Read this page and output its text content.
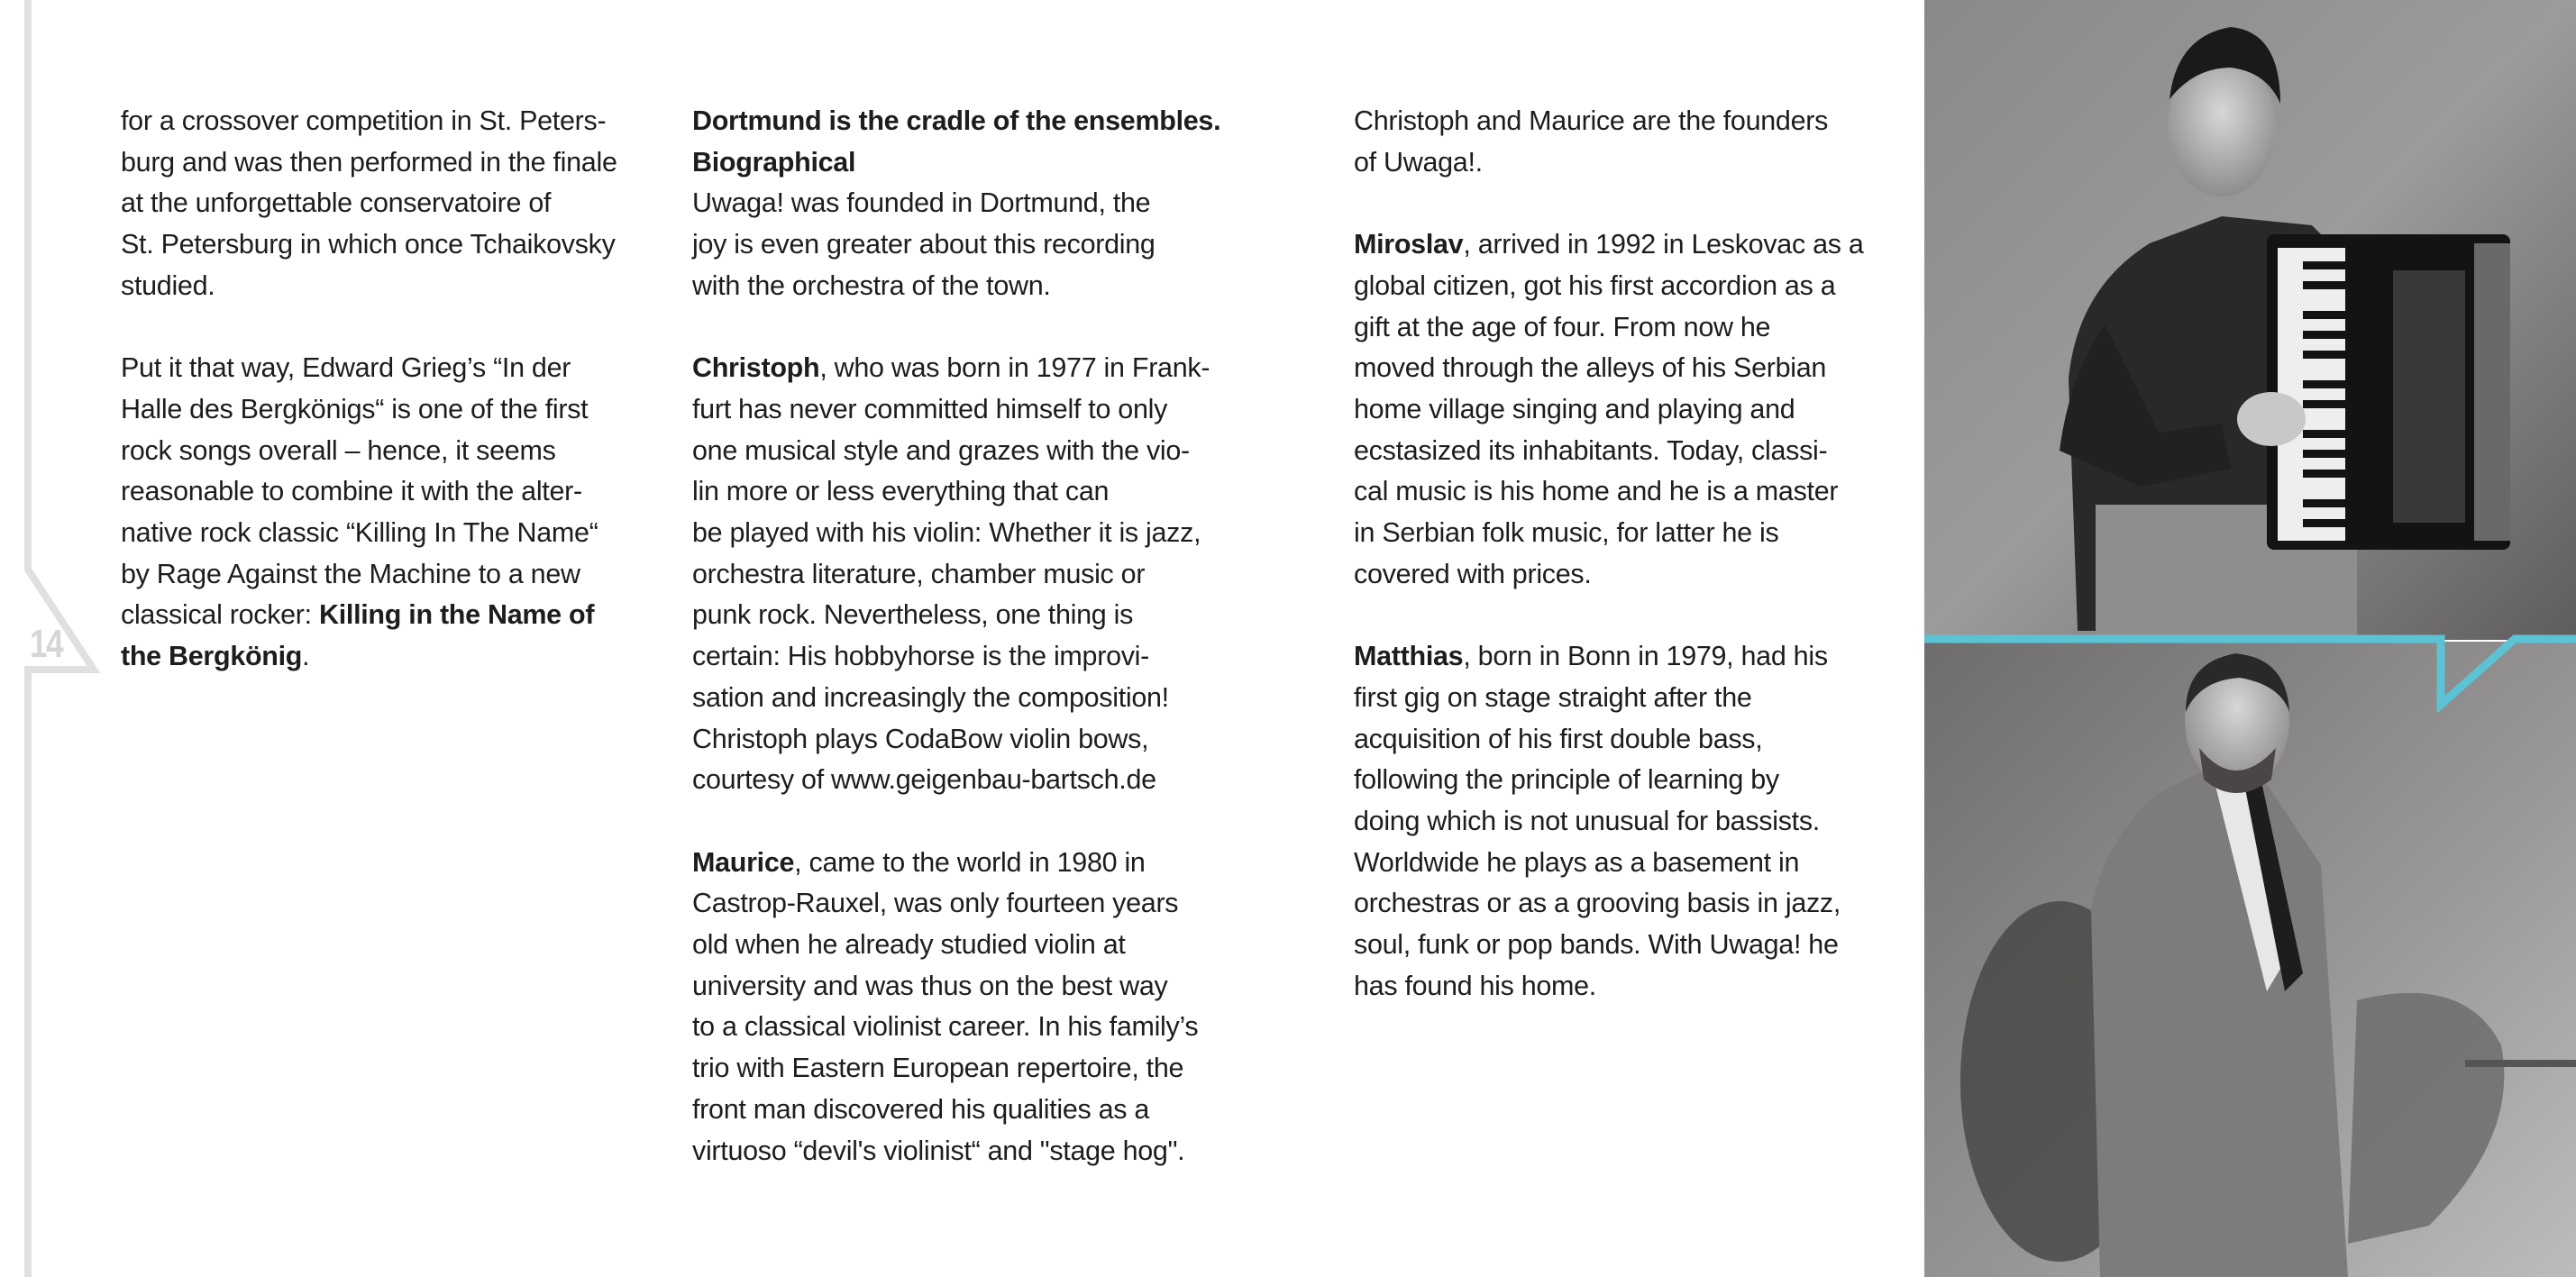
14

for a crossover competition in St. Peters-
burg and was then performed in the finale
at the unforgettable conservatoire of
St. Petersburg in which once Tchaikovsky
studied.

Put it that way, Edward Grieg’s “In der
Halle des Bergkönigs“ is one of the first
rock songs overall – hence, it seems
reasonable to combine it with the alter-
native rock classic “Killing In The Name“
by Rage Against the Machine to a new
classical rocker: Killing in the Name of
the Bergkönig.

Dortmund is the cradle of the ensembles.
Biographical
Uwaga! was founded in Dortmund, the
joy is even greater about this recording
with the orchestra of the town.

Christoph, who was born in 1977 in Frank-
furt has never committed himself to only
one musical style and grazes with the vio-
lin more or less everything that can
be played with his violin: Whether it is jazz,
orchestra literature, chamber music or
punk rock. Nevertheless, one thing is
certain: His hobbyhorse is the improvi-
sation and increasingly the composition!
Christoph plays CodaBow violin bows,
courtesy of www.geigenbau-bartsch.de

Maurice, came to the world in 1980 in
Castrop-Rauxel, was only fourteen years
old when he already studied violin at
university and was thus on the best way
to a classical violinist career. In his family’s
trio with Eastern European repertoire, the
front man discovered his qualities as a
virtuoso “devil's violinist“ and "stage hog".

Christoph and Maurice are the founders
of Uwaga!.

Miroslav, arrived in 1992 in Leskovac as a
global citizen, got his first accordion as a
gift at the age of four. From now he
moved through the alleys of his Serbian
home village singing and playing and
ecstasized its inhabitants. Today, classi-
cal music is his home and he is a master
in Serbian folk music, for latter he is
covered with prices.

Matthias, born in Bonn in 1979, had his
first gig on stage straight after the
acquisition of his first double bass,
following the principle of learning by
doing which is not unusual for bassists.
Worldwide he plays as a basement in
orchestras or as a grooving basis in jazz,
soul, funk or pop bands. With Uwaga! he
has found his home.
